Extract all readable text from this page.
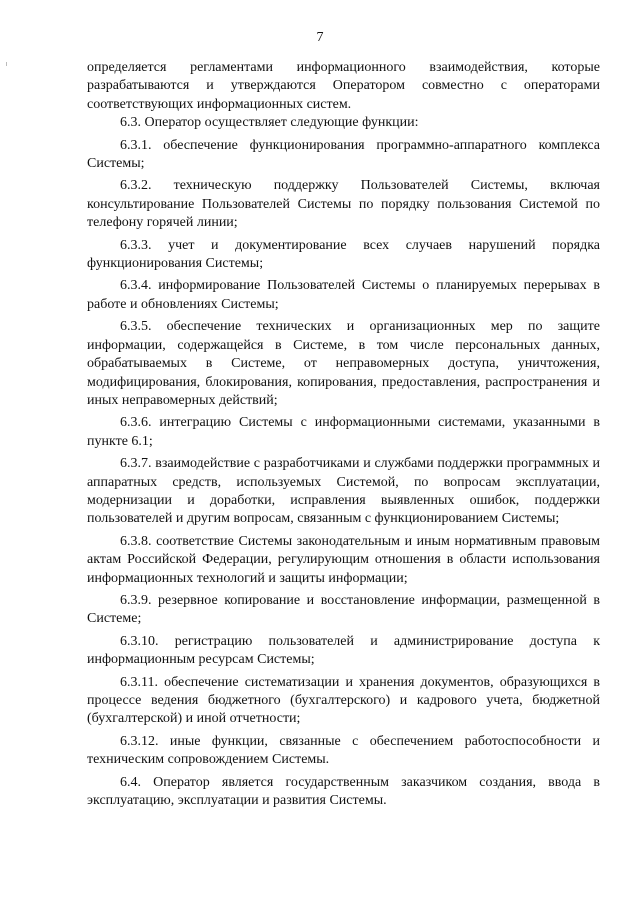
7

определяется регламентами информационного взаимодействия, которые разрабатываются и утверждаются Оператором совместно с операторами соответствующих информационных систем.

6.3. Оператор осуществляет следующие функции:

6.3.1. обеспечение функционирования программно-аппаратного комплекса Системы;

6.3.2. техническую поддержку Пользователей Системы, включая консультирование Пользователей Системы по порядку пользования Системой по телефону горячей линии;

6.3.3. учет и документирование всех случаев нарушений порядка функционирования Системы;

6.3.4. информирование Пользователей Системы о планируемых перерывах в работе и обновлениях Системы;

6.3.5. обеспечение технических и организационных мер по защите информации, содержащейся в Системе, в том числе персональных данных, обрабатываемых в Системе, от неправомерных доступа, уничтожения, модифицирования, блокирования, копирования, предоставления, распространения и иных неправомерных действий;

6.3.6. интеграцию Системы с информационными системами, указанными в пункте 6.1;

6.3.7. взаимодействие с разработчиками и службами поддержки программных и аппаратных средств, используемых Системой, по вопросам эксплуатации, модернизации и доработки, исправления выявленных ошибок, поддержки пользователей и другим вопросам, связанным с функционированием Системы;

6.3.8. соответствие Системы законодательным и иным нормативным правовым актам Российской Федерации, регулирующим отношения в области использования информационных технологий и защиты информации;

6.3.9. резервное копирование и восстановление информации, размещенной в Системе;

6.3.10. регистрацию пользователей и администрирование доступа к информационным ресурсам Системы;

6.3.11. обеспечение систематизации и хранения документов, образующихся в процессе ведения бюджетного (бухгалтерского) и кадрового учета, бюджетной (бухгалтерской) и иной отчетности;

6.3.12. иные функции, связанные с обеспечением работоспособности и техническим сопровождением Системы.

6.4. Оператор является государственным заказчиком создания, ввода в эксплуатацию, эксплуатации и развития Системы.
